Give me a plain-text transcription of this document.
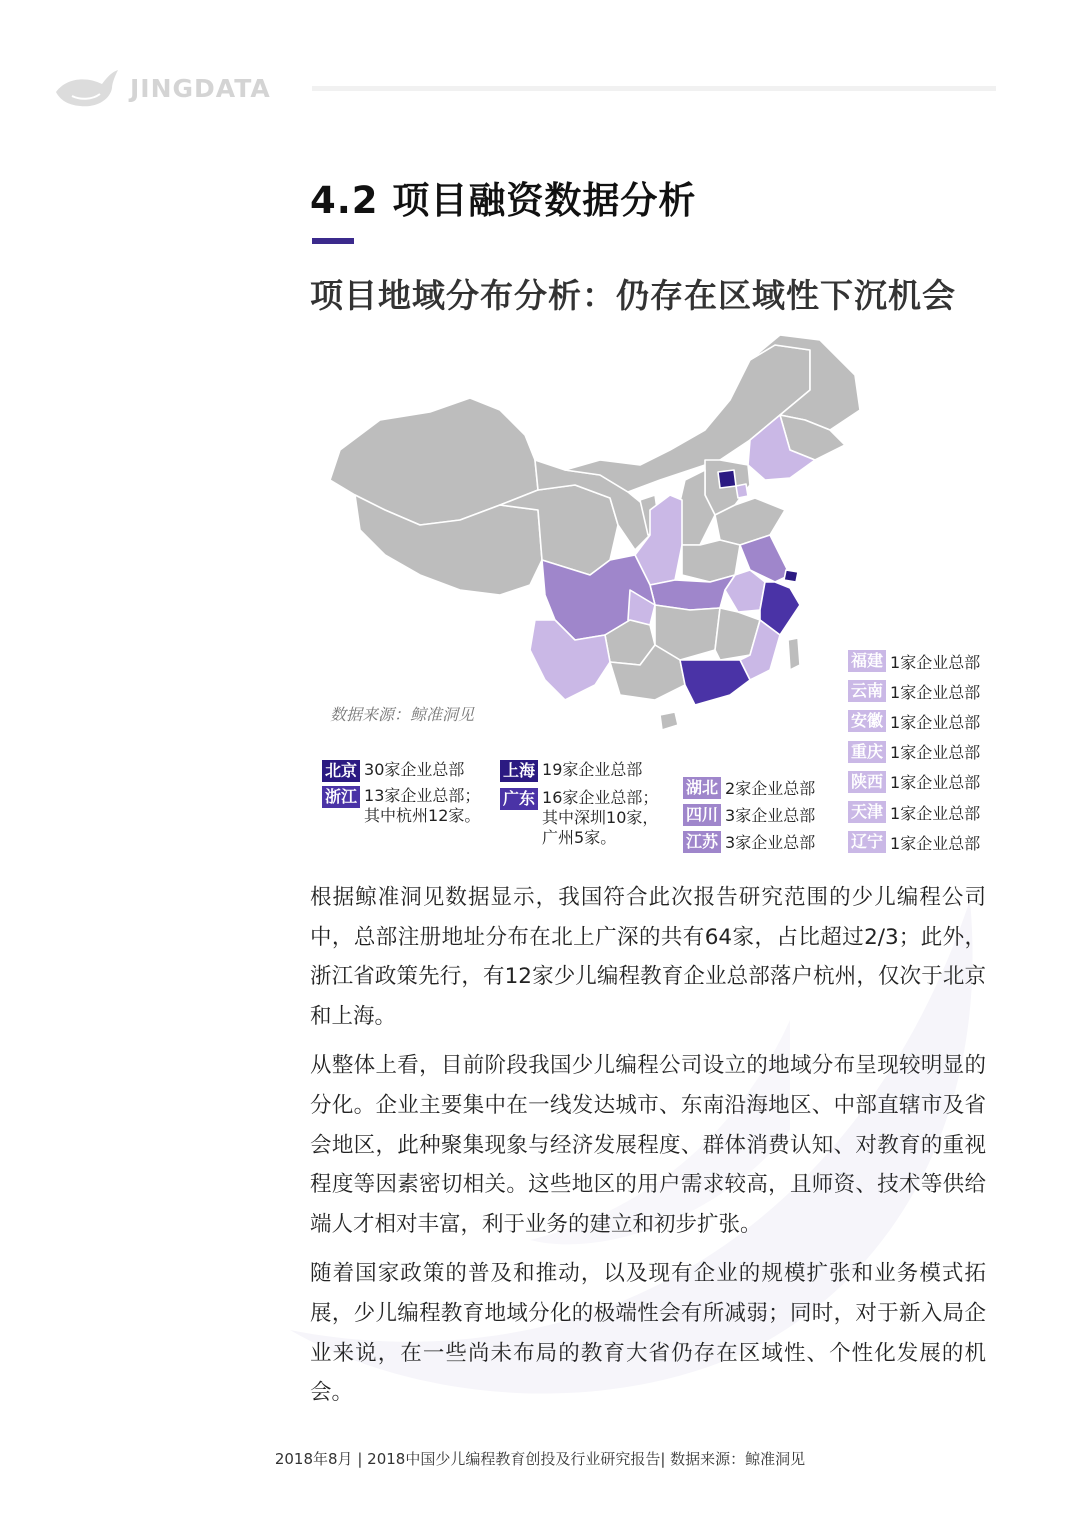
JINGDATA
4.2 项目融资数据分析
项目地域分布分析：仍存在区域性下沉机会
数据来源：鲸准洞见
福建 1家企业总部
云南 1家企业总部
安徽 1家企业总部
重庆 1家企业总部
陕西 1家企业总部
天津 1家企业总部
辽宁 1家企业总部
湖北 2家企业总部
四川 3家企业总部
江苏 3家企业总部
北京 30家企业总部
浙江 13家企业总部；
其中杭州12家。
上海 19家企业总部
广东 16家企业总部；
其中深圳10家，
广州5家。

根据鲸准洞见数据显示，我国符合此次报告研究范围的少儿编程公司中，总部注册地址分布在北上广深的共有64家，占比超过2/3；此外，浙江省政策先行，有12家少儿编程教育企业总部落户杭州，仅次于北京和上海。

从整体上看，目前阶段我国少儿编程公司设立的地域分布呈现较明显的分化。企业主要集中在一线发达城市、东南沿海地区、中部直辖市及省会地区，此种聚集现象与经济发展程度、群体消费认知、对教育的重视程度等因素密切相关。这些地区的用户需求较高，且师资、技术等供给端人才相对丰富，利于业务的建立和初步扩张。

随着国家政策的普及和推动，以及现有企业的规模扩张和业务模式拓展，少儿编程教育地域分化的极端性会有所减弱；同时，对于新入局企业来说，在一些尚未布局的教育大省仍存在区域性、个性化发展的机会。

2018年8月 | 2018中国少儿编程教育创投及行业研究报告| 数据来源：鲸准洞见
